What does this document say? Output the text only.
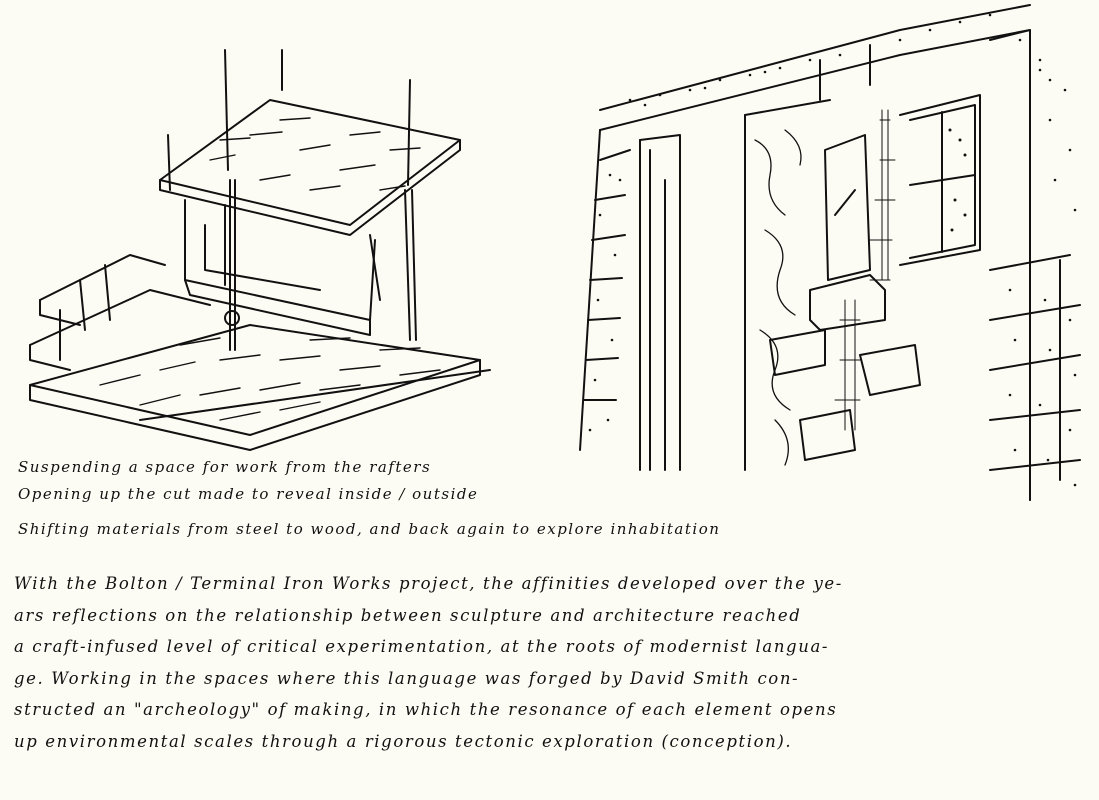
Suspending a space for work from the rafters
Opening up the cut made to reveal inside / outside
Shifting materials from steel to wood, and back again to explore inhabitation
With the Bolton / Terminal Iron Works project, the affinities developed over the ye-
ars reflections on the relationship between sculpture and architecture reached
a craft-infused level of critical experimentation, at the roots of modernist langua-
ge. Working in the spaces where this language was forged by David Smith con-
structed an "archeology" of making, in which the resonance of each element opens
up environmental scales through a rigorous tectonic exploration (conception).
